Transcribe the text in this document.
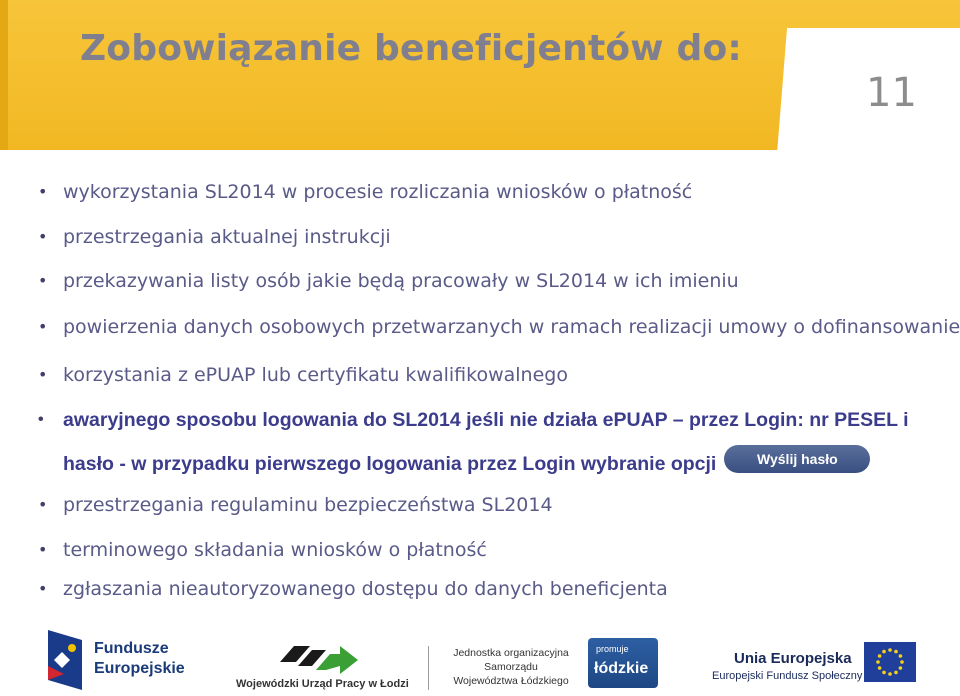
Zobowiązanie beneficjentów do:
11
• wykorzystania SL2014 w procesie rozliczania wniosków o płatność
• przestrzegania aktualnej instrukcji
• przekazywania listy osób jakie będą pracowały w SL2014 w ich imieniu
• powierzenia danych osobowych przetwarzanych w ramach realizacji umowy o dofinansowanie
• korzystania z ePUAP lub certyfikatu kwalifikowalnego
• awaryjnego sposobu logowania do SL2014 jeśli nie działa ePUAP – przez Login: nr PESEL i hasło - w przypadku pierwszego logowania przez Login wybranie opcji	Wyślij hasło
• przestrzegania regulaminu bezpieczeństwa SL2014
• terminowego składania wniosków o płatność
• zgłaszania nieautoryzowanego dostępu do danych beneficjenta
Fundusze
Europejskie
Wojewódzki Urząd Pracy w Łodzi
Jednostka organizacyjna
Samorządu
Województwa Łódzkiego
promuje
łódzkie
Unia Europejska
Europejski Fundusz Społeczny
